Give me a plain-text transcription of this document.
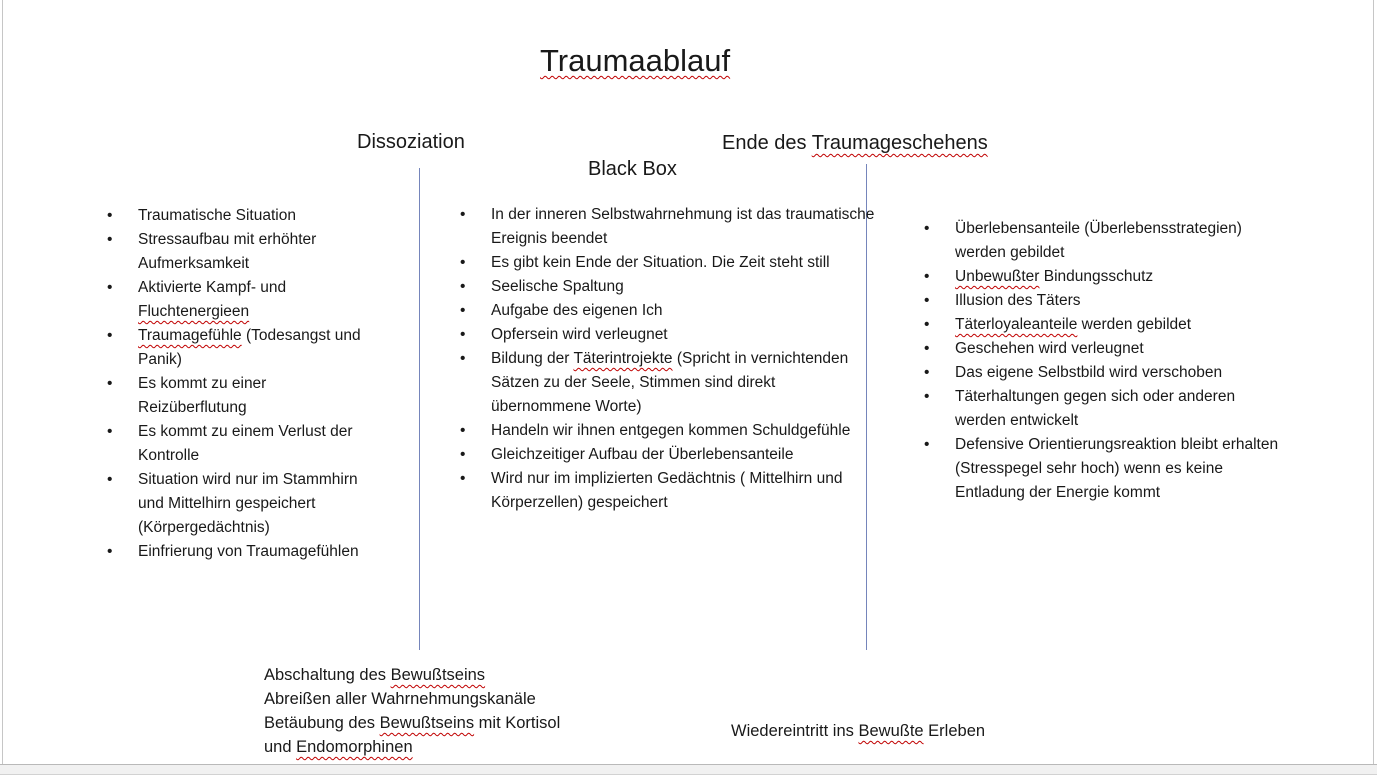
Traumaablauf
Dissoziation	Ende des Traumageschehens
Black Box
• Traumatische Situation
• Stressaufbau mit erhöhter Aufmerksamkeit
• Aktivierte Kampf- und Fluchtenergieen
• Traumagefühle (Todesangst und Panik)
• Es kommt zu einer Reizüberflutung
• Es kommt zu einem Verlust der Kontrolle
• Situation wird nur im Stammhirn und Mittelhirn gespeichert (Körpergedächtnis)
• Einfrierung von Traumagefühlen
• In der inneren Selbstwahrnehmung ist das traumatische Ereignis beendet
• Es gibt kein Ende der Situation. Die Zeit steht still
• Seelische Spaltung
• Aufgabe des eigenen Ich
• Opfersein wird verleugnet
• Bildung der Täterintrojekte (Spricht in vernichtenden Sätzen zu der Seele, Stimmen sind direkt übernommene Worte)
• Handeln wir ihnen entgegen kommen Schuldgefühle
• Gleichzeitiger Aufbau der Überlebensanteile
• Wird nur im implizierten Gedächtnis ( Mittelhirn und Körperzellen) gespeichert
• Überlebensanteile (Überlebensstrategien) werden gebildet
• Unbewußter Bindungsschutz
• Illusion des Täters
• Täterloyaleanteile werden gebildet
• Geschehen wird verleugnet
• Das eigene Selbstbild wird verschoben
• Täterhaltungen gegen sich oder anderen werden entwickelt
• Defensive Orientierungsreaktion bleibt erhalten (Stresspegel sehr hoch) wenn es keine Entladung der Energie kommt
Abschaltung des Bewußtseins
Abreißen aller Wahrnehmungskanäle
Betäubung des Bewußtseins mit Kortisol
und Endomorphinen
Wiedereintritt ins Bewußte Erleben
